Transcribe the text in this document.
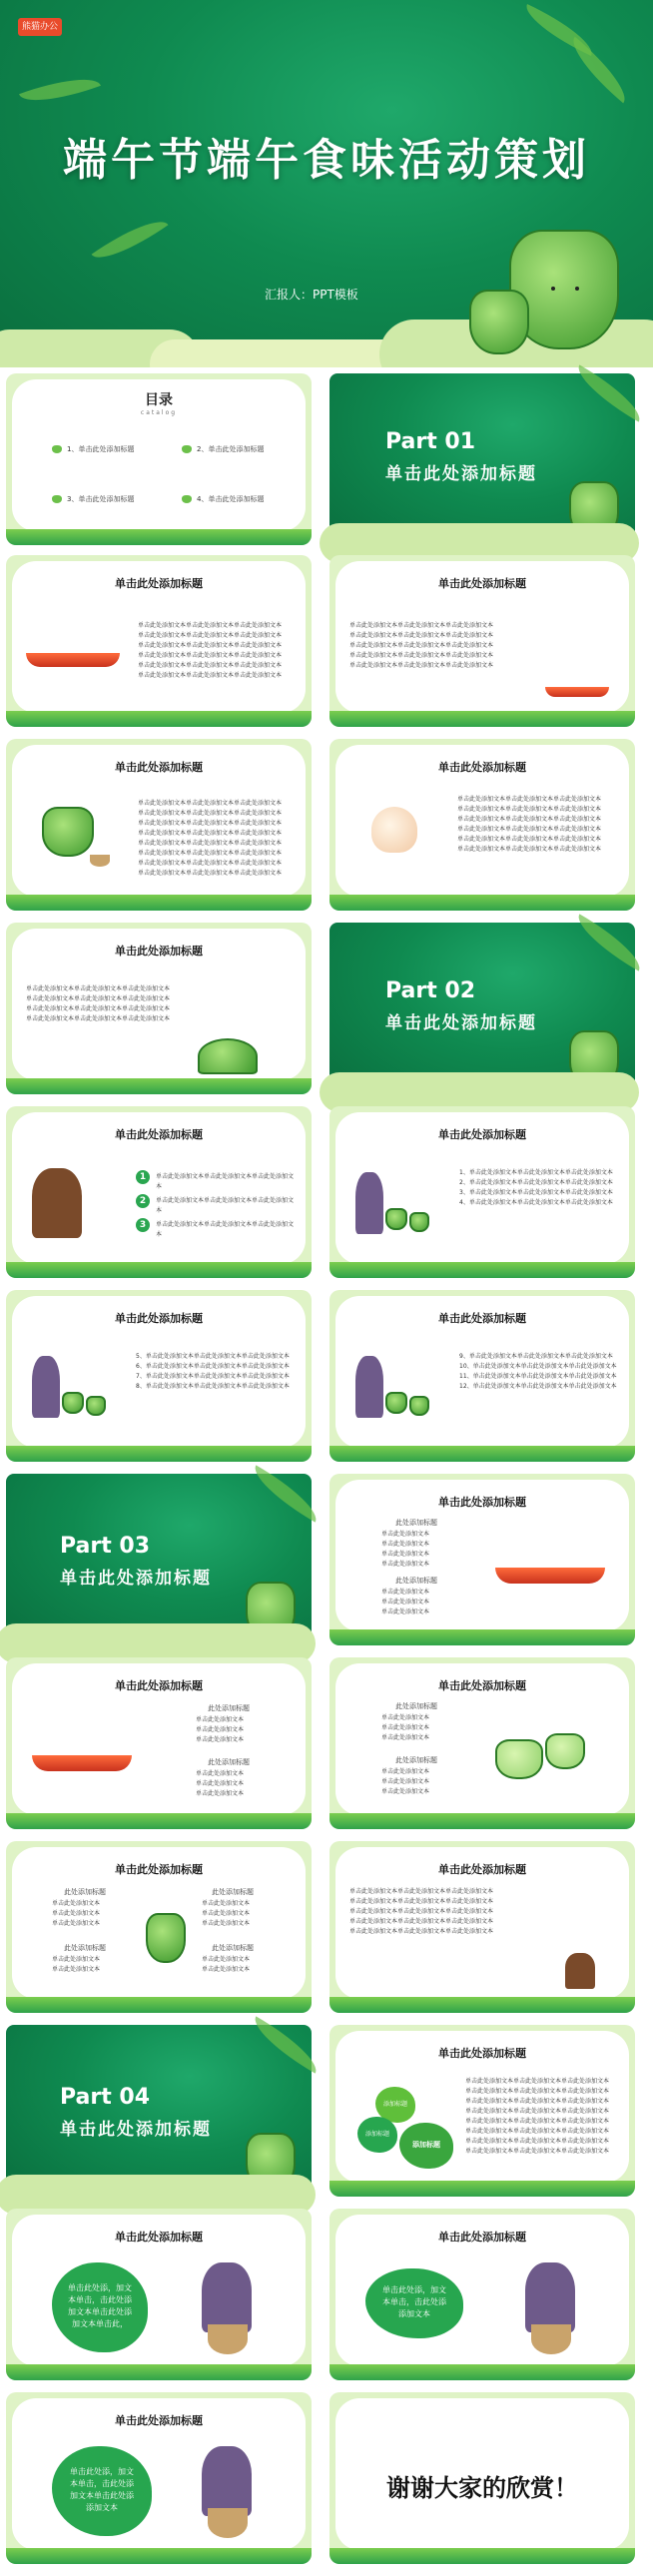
熊猫办公
端午节端午食味活动策划
汇报人：PPT模板
目录
catalog
1、单击此处添加标题	2、单击此处添加标题
3、单击此处添加标题	4、单击此处添加标题
Part 01
单击此处添加标题
单击此处添加标题
单击此处添加文本单击此处添加文本单击此处添加文本
单击此处添加文本单击此处添加文本单击此处添加文本
单击此处添加文本单击此处添加文本单击此处添加文本
单击此处添加文本单击此处添加文本单击此处添加文本
单击此处添加文本单击此处添加文本单击此处添加文本
单击此处添加文本单击此处添加文本单击此处添加文本
单击此处添加标题
单击此处添加文本单击此处添加文本单击此处添加文本
单击此处添加文本单击此处添加文本单击此处添加文本
单击此处添加文本单击此处添加文本单击此处添加文本
单击此处添加文本单击此处添加文本单击此处添加文本
单击此处添加文本单击此处添加文本单击此处添加文本
单击此处添加标题
单击此处添加文本单击此处添加文本单击此处添加文本
单击此处添加文本单击此处添加文本单击此处添加文本
单击此处添加文本单击此处添加文本单击此处添加文本
单击此处添加文本单击此处添加文本单击此处添加文本
单击此处添加文本单击此处添加文本单击此处添加文本
单击此处添加文本单击此处添加文本单击此处添加文本
单击此处添加文本单击此处添加文本单击此处添加文本
单击此处添加文本单击此处添加文本单击此处添加文本
单击此处添加标题
单击此处添加文本单击此处添加文本单击此处添加文本
单击此处添加文本单击此处添加文本单击此处添加文本
单击此处添加文本单击此处添加文本单击此处添加文本
单击此处添加文本单击此处添加文本单击此处添加文本
单击此处添加文本单击此处添加文本单击此处添加文本
单击此处添加文本单击此处添加文本单击此处添加文本
单击此处添加标题
单击此处添加文本单击此处添加文本单击此处添加文本
单击此处添加文本单击此处添加文本单击此处添加文本
单击此处添加文本单击此处添加文本单击此处添加文本
单击此处添加文本单击此处添加文本单击此处添加文本
Part 02
单击此处添加标题
单击此处添加标题
1
2
3
单击此处添加文本单击此处添加文本单击此处添加文本
单击此处添加文本单击此处添加文本单击此处添加文本
单击此处添加文本单击此处添加文本单击此处添加文本
单击此处添加标题
1、单击此处添加文本单击此处添加文本单击此处添加文本
2、单击此处添加文本单击此处添加文本单击此处添加文本
3、单击此处添加文本单击此处添加文本单击此处添加文本
4、单击此处添加文本单击此处添加文本单击此处添加文本
单击此处添加标题
5、单击此处添加文本单击此处添加文本单击此处添加文本
6、单击此处添加文本单击此处添加文本单击此处添加文本
7、单击此处添加文本单击此处添加文本单击此处添加文本
8、单击此处添加文本单击此处添加文本单击此处添加文本
单击此处添加标题
9、单击此处添加文本单击此处添加文本单击此处添加文本
10、单击此处添加文本单击此处添加文本单击此处添加文本
11、单击此处添加文本单击此处添加文本单击此处添加文本
12、单击此处添加文本单击此处添加文本单击此处添加文本
Part 03
单击此处添加标题
单击此处添加标题
此处添加标题
单击此处添加文本
单击此处添加文本
单击此处添加文本
单击此处添加文本
此处添加标题
单击此处添加文本
单击此处添加文本
单击此处添加文本
单击此处添加标题
此处添加标题
单击此处添加文本
单击此处添加文本
单击此处添加文本
此处添加标题
单击此处添加文本
单击此处添加文本
单击此处添加文本
单击此处添加标题
此处添加标题
单击此处添加文本
单击此处添加文本
单击此处添加文本
此处添加标题
单击此处添加文本
单击此处添加文本
单击此处添加文本
单击此处添加标题
此处添加标题
单击此处添加文本
单击此处添加文本
单击此处添加文本
此处添加标题
单击此处添加文本
单击此处添加文本
此处添加标题
单击此处添加文本
单击此处添加文本
单击此处添加文本
此处添加标题
单击此处添加文本
单击此处添加文本
单击此处添加标题
单击此处添加文本单击此处添加文本单击此处添加文本
单击此处添加文本单击此处添加文本单击此处添加文本
单击此处添加文本单击此处添加文本单击此处添加文本
单击此处添加文本单击此处添加文本单击此处添加文本
单击此处添加文本单击此处添加文本单击此处添加文本
Part 04
单击此处添加标题
单击此处添加标题
添加标题
添加标题
添加标题
单击此处添加文本单击此处添加文本单击此处添加文本
单击此处添加文本单击此处添加文本单击此处添加文本
单击此处添加文本单击此处添加文本单击此处添加文本
单击此处添加文本单击此处添加文本单击此处添加文本
单击此处添加文本单击此处添加文本单击此处添加文本
单击此处添加文本单击此处添加文本单击此处添加文本
单击此处添加文本单击此处添加文本单击此处添加文本
单击此处添加文本单击此处添加文本单击此处添加文本
单击此处添加标题
单击此处添，加文
本单击，击此处添
加文本单击此处添
加文本单击此，
单击此处添加标题
单击此处添，加文
本单击，击此处添
添加文本
单击此处添加标题
单击此处添，加文
本单击，击此处添
加文本单击此处添
添加文本
谢谢大家的欣赏！
